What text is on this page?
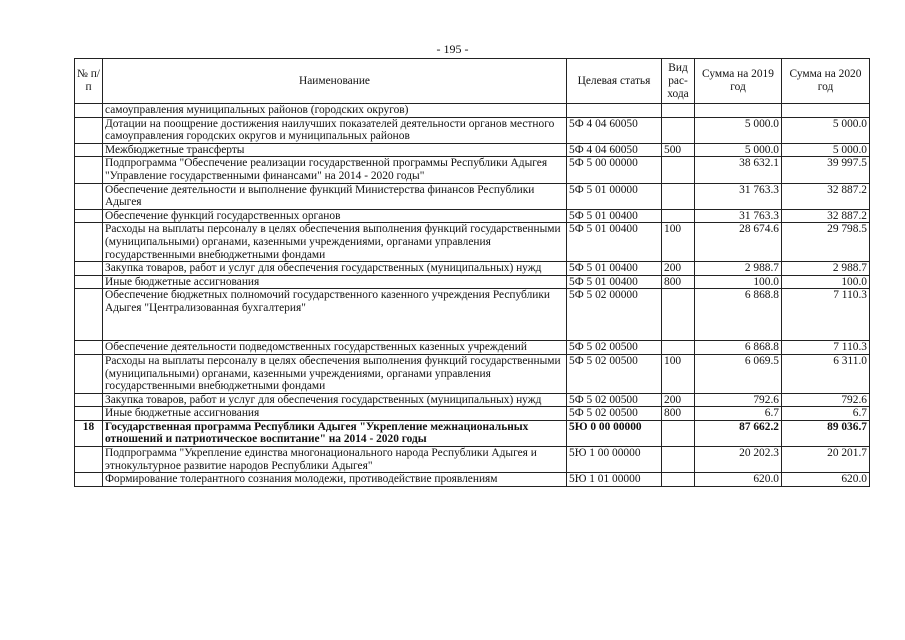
- 195 -
№ п/п	Наименование	Целевая статья	Вид рас-хода	Сумма на 2019 год	Сумма на 2020 год
	самоуправления муниципальных районов (городских округов)				
	Дотации на поощрение достижения наилучших показателей деятельности органов местного самоуправления городских округов и муниципальных районов	5Ф 4 04 60050		5 000.0	5 000.0
	Межбюджетные трансферты	5Ф 4 04 60050	500	5 000.0	5 000.0
	Подпрограмма "Обеспечение реализации государственной программы Республики Адыгея "Управление государственными финансами" на 2014 - 2020 годы"	5Ф 5 00 00000		38 632.1	39 997.5
	Обеспечение деятельности и выполнение функций Министерства финансов Республики Адыгея	5Ф 5 01 00000		31 763.3	32 887.2
	Обеспечение функций государственных органов	5Ф 5 01 00400		31 763.3	32 887.2
	Расходы на выплаты персоналу в целях обеспечения выполнения функций государственными (муниципальными) органами, казенными учреждениями, органами управления государственными внебюджетными фондами	5Ф 5 01 00400	100	28 674.6	29 798.5
	Закупка товаров, работ и услуг для обеспечения государственных (муниципальных) нужд	5Ф 5 01 00400	200	2 988.7	2 988.7
	Иные бюджетные ассигнования	5Ф 5 01 00400	800	100.0	100.0
	Обеспечение бюджетных полномочий государственного казенного учреждения Республики Адыгея "Централизованная бухгалтерия"	5Ф 5 02 00000		6 868.8	7 110.3
	Обеспечение деятельности подведомственных государственных казенных учреждений	5Ф 5 02 00500		6 868.8	7 110.3
	Расходы на выплаты персоналу в целях обеспечения выполнения функций государственными (муниципальными) органами, казенными учреждениями, органами управления государственными внебюджетными фондами	5Ф 5 02 00500	100	6 069.5	6 311.0
	Закупка товаров, работ и услуг для обеспечения государственных (муниципальных) нужд	5Ф 5 02 00500	200	792.6	792.6
	Иные бюджетные ассигнования	5Ф 5 02 00500	800	6.7	6.7
18	Государственная программа Республики Адыгея "Укрепление межнациональных отношений и патриотическое воспитание" на 2014 - 2020 годы	5Ю 0 00 00000		87 662.2	89 036.7
	Подпрограмма "Укрепление единства многонационального народа Республики Адыгея и этнокультурное развитие народов Республики Адыгея"	5Ю 1 00 00000		20 202.3	20 201.7
	Формирование толерантного сознания молодежи, противодействие проявлениям	5Ю 1 01 00000		620.0	620.0
